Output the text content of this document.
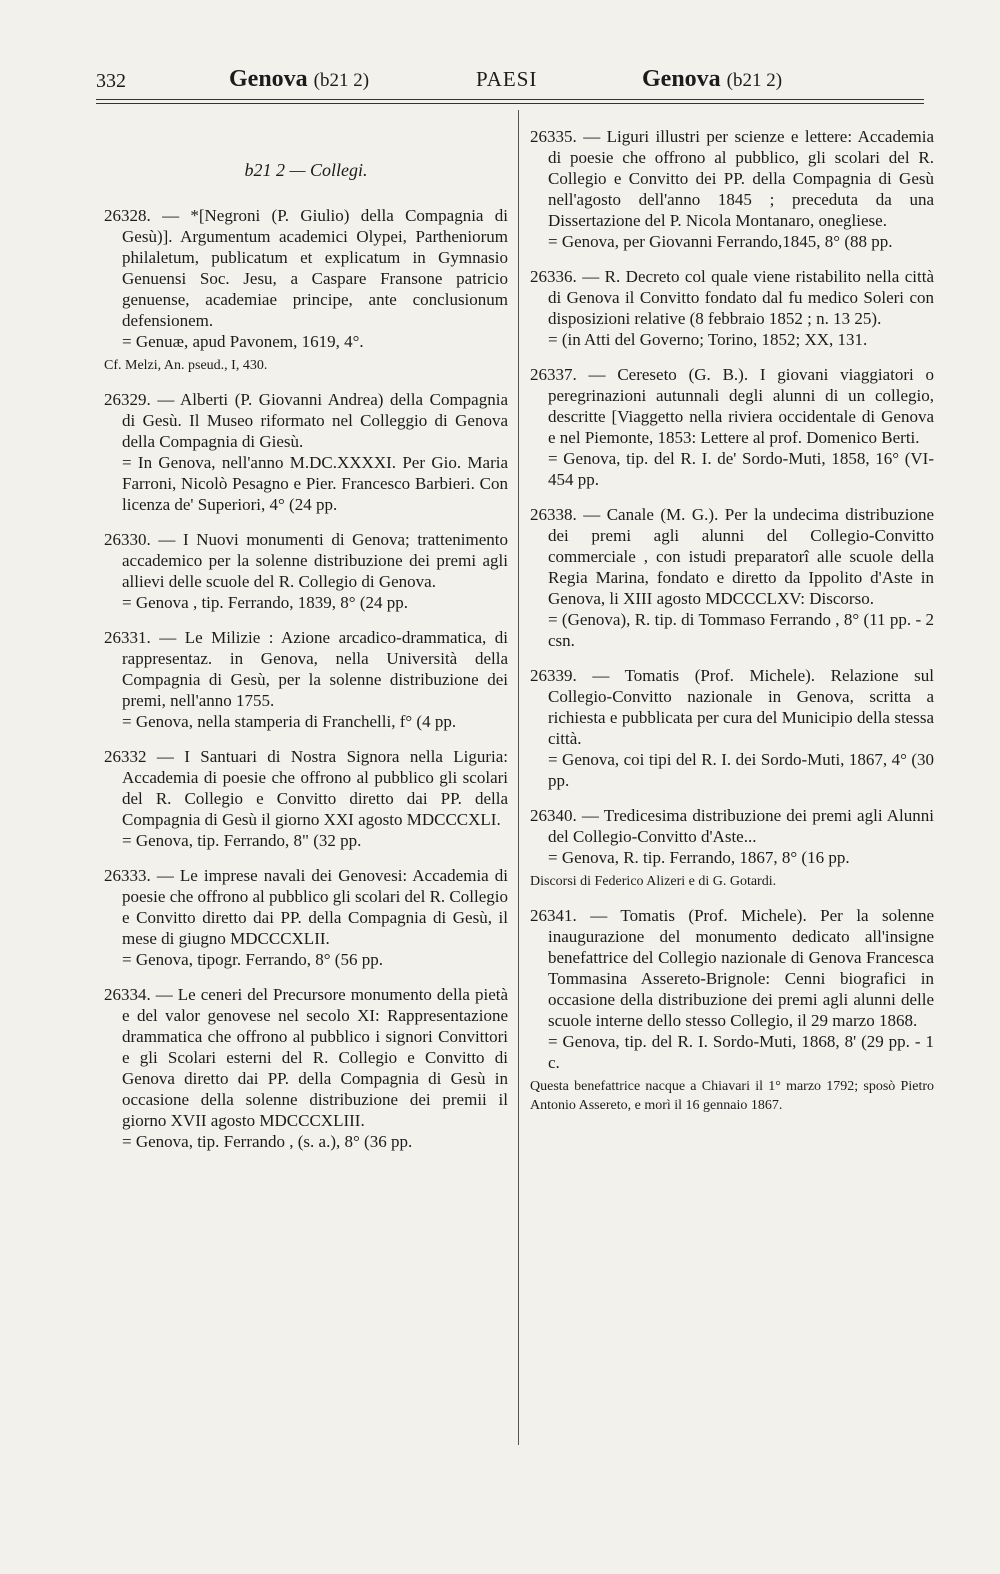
332	Genova (b21 2)	PAESI	Genova (b21 2)
b21 2 — Collegi.
26328. — *[Negroni (P. Giulio) della Compagnia di Gesù)]. Argumentum academici Olypei, Partheniorum philaletum, publicatum et explicatum in Gymnasio Genuensi Soc. Jesu, a Caspare Fransone patricio genuense, academiae principe, ante conclusionum defensionem.
= Genuæ, apud Pavonem, 1619, 4°.
Cf. Melzi, An. pseud., I, 430.
26329. — Alberti (P. Giovanni Andrea) della Compagnia di Gesù. Il Museo riformato nel Colleggio di Genova della Compagnia di Giesù.
= In Genova, nell'anno M.DC.XXXXI. Per Gio. Maria Farroni, Nicolò Pesagno e Pier. Francesco Barbieri. Con licenza de' Superiori, 4° (24 pp.
26330. — I Nuovi monumenti di Genova; trattenimento accademico per la solenne distribuzione dei premi agli allievi delle scuole del R. Collegio di Genova.
= Genova , tip. Ferrando, 1839, 8° (24 pp.
26331. — Le Milizie : Azione arcadico-drammatica, di rappresentaz. in Genova, nella Università della Compagnia di Gesù, per la solenne distribuzione dei premi, nell'anno 1755.
= Genova, nella stamperia di Franchelli, f° (4 pp.
26332 — I Santuari di Nostra Signora nella Liguria: Accademia di poesie che offrono al pubblico gli scolari del R. Collegio e Convitto diretto dai PP. della Compagnia di Gesù il giorno XXI agosto MDCCCXLI.
= Genova, tip. Ferrando, 8" (32 pp.
26333. — Le imprese navali dei Genovesi: Accademia di poesie che offrono al pubblico gli scolari del R. Collegio e Convitto diretto dai PP. della Compagnia di Gesù, il mese di giugno MDCCCXLII.
= Genova, tipogr. Ferrando, 8° (56 pp.
26334. — Le ceneri del Precursore monumento della pietà e del valor genovese nel secolo XI: Rappresentazione drammatica che offrono al pubblico i signori Convittori e gli Scolari esterni del R. Collegio e Convitto di Genova diretto dai PP. della Compagnia di Gesù in occasione della solenne distribuzione dei premii il giorno XVII agosto MDCCCXLIII.
= Genova, tip. Ferrando , (s. a.), 8° (36 pp.
26335. — Liguri illustri per scienze e lettere: Accademia di poesie che offrono al pubblico, gli scolari del R. Collegio e Convitto dei PP. della Compagnia di Gesù nell'agosto dell'anno 1845 ; preceduta da una Dissertazione del P. Nicola Montanaro, onegliese.
= Genova, per Giovanni Ferrando,1845, 8° (88 pp.
26336. — R. Decreto col quale viene ristabilito nella città di Genova il Convitto fondato dal fu medico Soleri con disposizioni relative (8 febbraio 1852 ; n. 13 25).
= (in Atti del Governo; Torino, 1852; XX, 131.
26337. — Cereseto (G. B.). I giovani viaggiatori o peregrinazioni autunnali degli alunni di un collegio, descritte [Viaggetto nella riviera occidentale di Genova e nel Piemonte, 1853: Lettere al prof. Domenico Berti.
= Genova, tip. del R. I. de' Sordo-Muti, 1858, 16° (VI-454 pp.
26338. — Canale (M. G.). Per la undecima distribuzione dei premi agli alunni del Collegio-Convitto commerciale , con istudi preparatorî alle scuole della Regia Marina, fondato e diretto da Ippolito d'Aste in Genova, li XIII agosto MDCCCLXV: Discorso.
= (Genova), R. tip. di Tommaso Ferrando , 8° (11 pp. - 2 csn.
26339. — Tomatis (Prof. Michele). Relazione sul Collegio-Convitto nazionale in Genova, scritta a richiesta e pubblicata per cura del Municipio della stessa città.
= Genova, coi tipi del R. I. dei Sordo-Muti, 1867, 4° (30 pp.
26340. — Tredicesima distribuzione dei premi agli Alunni del Collegio-Convitto d'Aste...
= Genova, R. tip. Ferrando, 1867, 8° (16 pp.
Discorsi di Federico Alizeri e di G. Gotardi.
26341. — Tomatis (Prof. Michele). Per la solenne inaugurazione del monumento dedicato all'insigne benefattrice del Collegio nazionale di Genova Francesca Tommasina Assereto-Brignole: Cenni biografici in occasione della distribuzione dei premi agli alunni delle scuole interne dello stesso Collegio, il 29 marzo 1868.
= Genova, tip. del R. I. Sordo-Muti, 1868, 8' (29 pp. - 1 c.
Questa benefattrice nacque a Chiavari il 1° marzo 1792; sposò Pietro Antonio Assereto, e morì il 16 gennaio 1867.
